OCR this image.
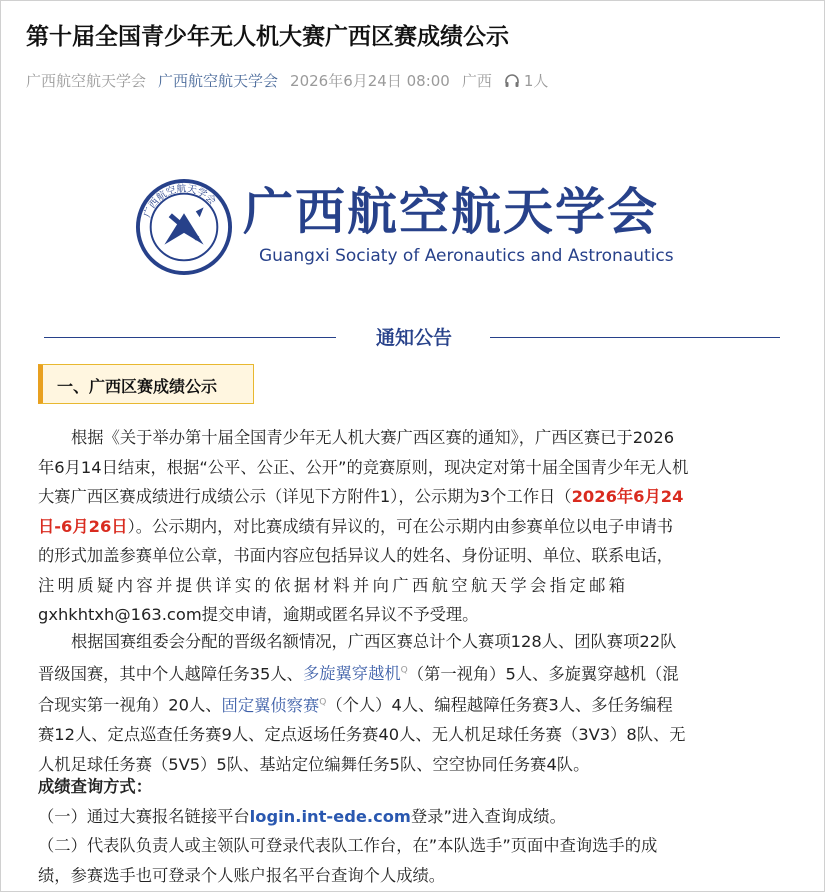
第十届全国青少年无人机大赛广西区赛成绩公示
广西航空航天学会 广西航空航天学会 2026年6月24日 08:00 广西 1人
广西航空航天学会 广西航空航天学会
Guangxi Sociaty of Aeronautics and Astronautics
通知公告
一、广西区赛成绩公示
根据《关于举办第十届全国青少年无人机大赛广西区赛的通知》，广西区赛已于2026
年6月14日结束，根据“公平、公正、公开”的竞赛原则，现决定对第十届全国青少年无人机
大赛广西区赛成绩进行成绩公示（详见下方附件1），公示期为3个工作日（2026年6月24
日-6月26日）。公示期内，对比赛成绩有异议的，可在公示期内由参赛单位以电子申请书
的形式加盖参赛单位公章，书面内容应包括异议人的姓名、身份证明、单位、联系电话，
注明质疑内容并提供详实的依据材料并向广西航空航天学会指定邮箱
gxhkhtxh@163.com提交申请，逾期或匿名异议不予受理。
根据国赛组委会分配的晋级名额情况，广西区赛总计个人赛项128人、团队赛项22队
晋级国赛，其中个人越障任务35人、多旋翼穿越机$^Q$（第一视角）5人、多旋翼穿越机（混
合现实第一视角）20人、固定翼侦察赛$^Q$（个人）4人、编程越障任务赛3人、多任务编程
赛12人、定点巡查任务赛9人、定点返场任务赛40人、无人机足球任务赛（3V3）8队、无
人机足球任务赛（5V5）5队、基站定位编舞任务5队、空空协同任务赛4队。
成绩查询方式：
（一）通过大赛报名链接平台login.int-ede.com登录”进入查询成绩。
（二）代表队负责人或主领队可登录代表队工作台，在”本队选手”页面中查询选手的成
绩，参赛选手也可登录个人账户报名平台查询个人成绩。
